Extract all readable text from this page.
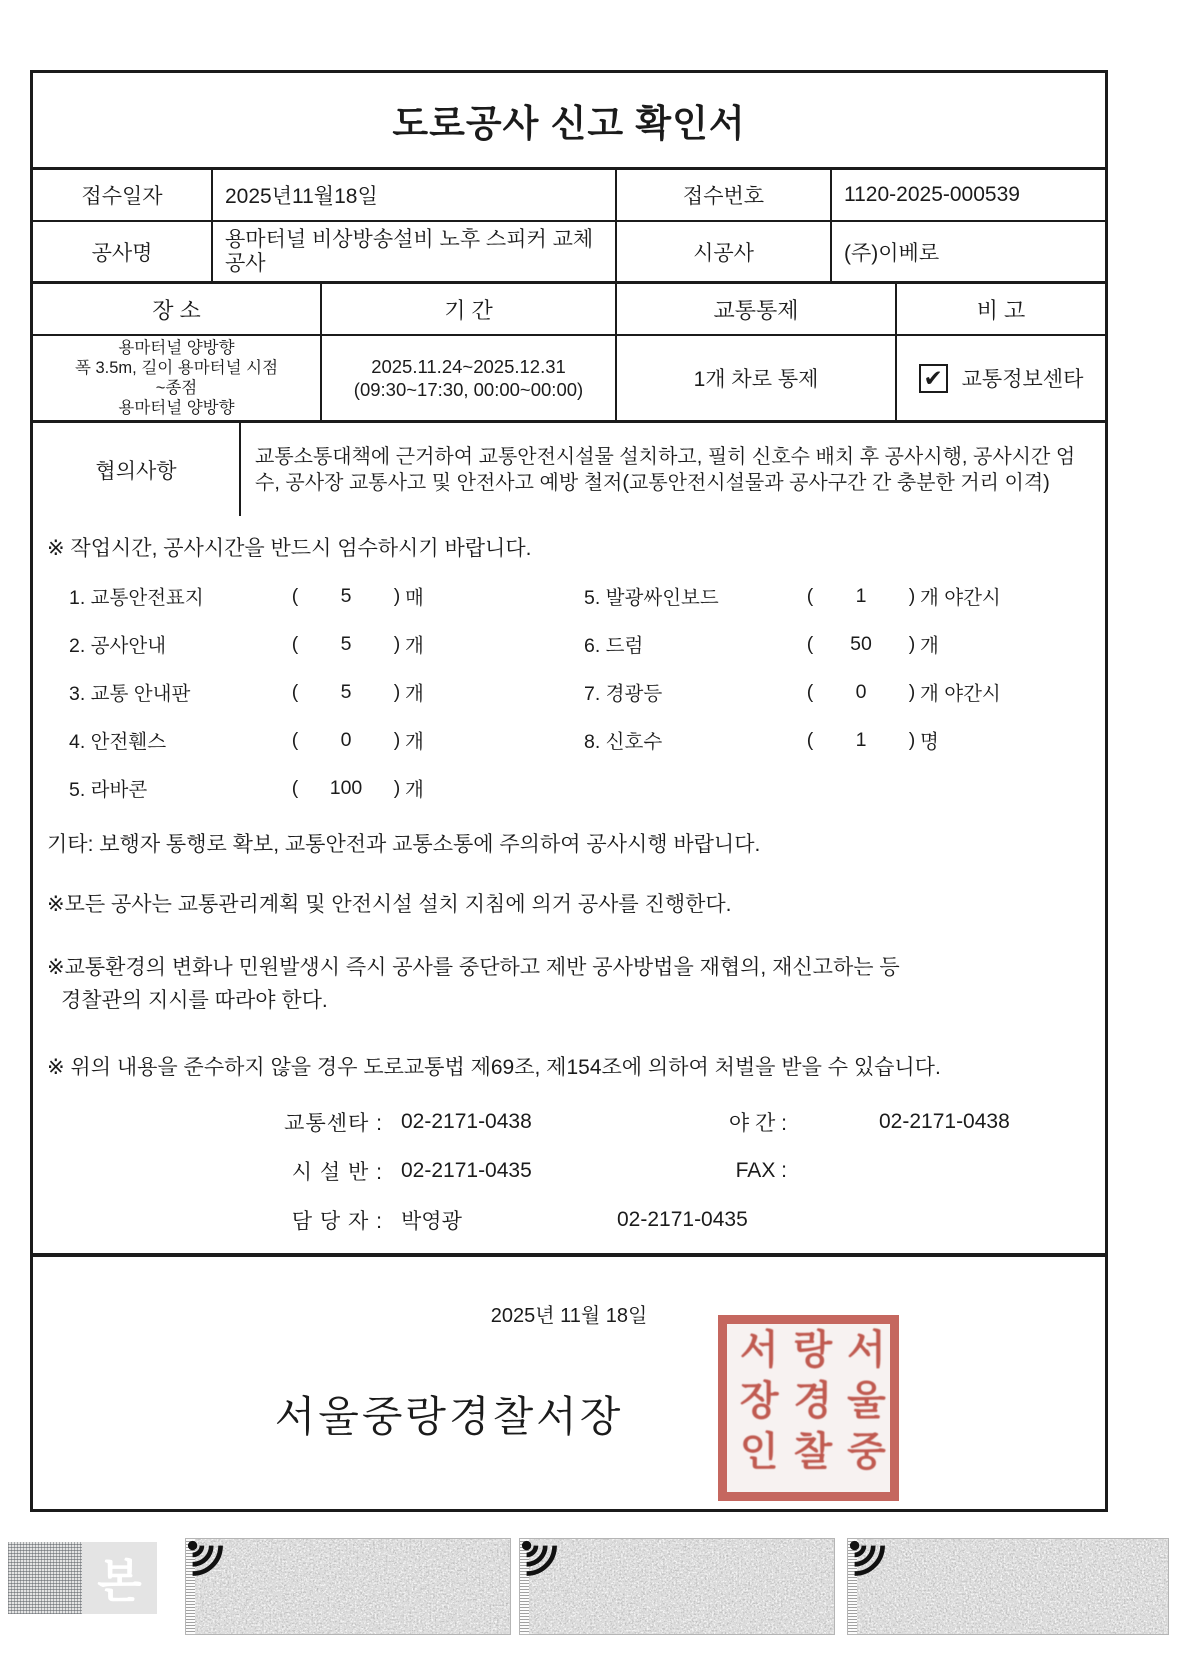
도로공사 신고 확인서
접수일자	2025년11월18일	접수번호	1120-2025-000539
공사명
용마터널 비상방송설비 노후 스피커 교체공사	시공사	(주)이베로
장 소	기 간	교통통제	비 고
용마터널 양방향
폭 3.5m, 길이 용마터널 시점
~종점
용마터널 양방향
2025.11.24~2025.12.31 (09:30~17:30, 00:00~00:00)	1개 차로 통제	✔ 교통정보센타
협의사항
교통소통대책에 근거하여 교통안전시설물 설치하고, 필히 신호수 배치 후 공사시행, 공사시간 엄수, 공사장 교통사고 및 안전사고 예방 철저(교통안전시설물과 공사구간 간 충분한 거리 이격)
※ 작업시간, 공사시간을 반드시 엄수하시기 바랍니다.
1. 교통안전표지	(	5	) 매
2. 공사안내	(	5	) 개
3. 교통 안내판	(	5	) 개
4. 안전휀스	(	0	) 개
5. 라바콘	(	100	) 개
5. 발광싸인보드	(	1	) 개 야간시
6. 드럼	(	50	) 개
7. 경광등	(	0	) 개 야간시
8. 신호수	(	1	) 명
기타: 보행자 통행로 확보, 교통안전과 교통소통에 주의하여 공사시행 바랍니다.
※모든 공사는 교통관리계획 및 안전시설 설치 지침에 의거 공사를 진행한다.
※교통환경의 변화나 민원발생시 즉시 공사를 중단하고 제반 공사방법을 재협의, 재신고하는 등
경찰관의 지시를 따라야 한다.
※ 위의 내용을 준수하지 않을 경우 도로교통법 제69조, 제154조에 의하여 처벌을 받을 수 있습니다.
교통센타 : 02-2171-0438	야 간 :	02-2171-0438
시 설 반 : 02-2171-0435	FAX :
담 당 자 : 박영광	02-2171-0435
2025년 11월 18일
서울중랑경찰서장	서울중랑경찰서장인
본
